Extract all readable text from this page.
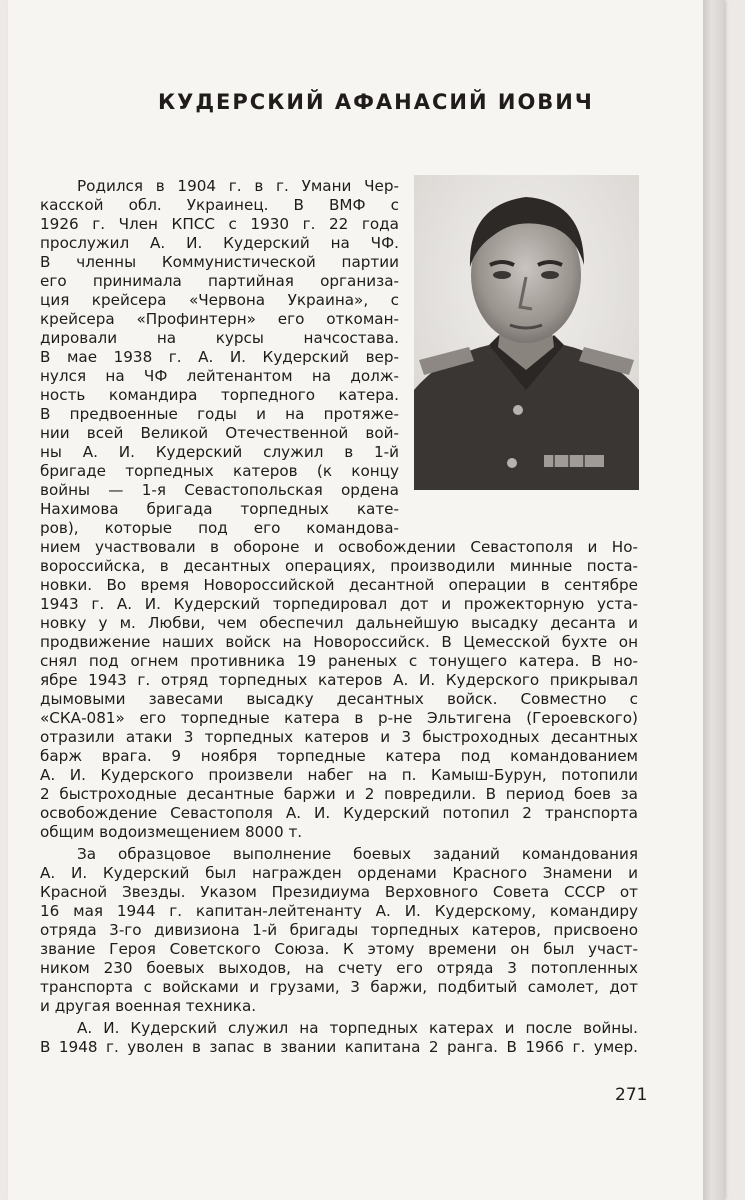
КУДЕРСКИЙ АФАНАСИЙ ИОВИЧ
Родился в 1904 г. в г. Умани Чер-
касской обл. Украинец. В ВМФ с
1926 г. Член КПСС с 1930 г. 22 года
прослужил А. И. Кудерский на ЧФ.
В членны Коммунистической партии
его принимала партийная организа-
ция крейсера «Червона Украина», с
крейсера «Профинтерн» его откоман-
дировали на курсы начсостава.
В мае 1938 г. А. И. Кудерский вер-
нулся на ЧФ лейтенантом на долж-
ность командира торпедного катера.
В предвоенные годы и на протяже-
нии всей Великой Отечественной вой-
ны А. И. Кудерский служил в 1-й
бригаде торпедных катеров (к концу
войны — 1-я Севастопольская ордена
Нахимова бригада торпедных кате-
ров), которые под его командова-
нием участвовали в обороне и освобождении Севастополя и Но-
вороссийска, в десантных операциях, производили минные поста-
новки. Во время Новороссийской десантной операции в сентябре
1943 г. А. И. Кудерский торпедировал дот и прожекторную уста-
новку у м. Любви, чем обеспечил дальнейшую высадку десанта и
продвижение наших войск на Новороссийск. В Цемесской бухте он
снял под огнем противника 19 раненых с тонущего катера. В но-
ябре 1943 г. отряд торпедных катеров А. И. Кудерского прикрывал
дымовыми завесами высадку десантных войск. Совместно с
«СКА-081» его торпедные катера в р-не Эльтигена (Героевского)
отразили атаки 3 торпедных катеров и 3 быстроходных десантных
барж врага. 9 ноября торпедные катера под командованием
А. И. Кудерского произвели набег на п. Камыш-Бурун, потопили
2 быстроходные десантные баржи и 2 повредили. В период боев за
освобождение Севастополя А. И. Кудерский потопил 2 транспорта
общим водоизмещением 8000 т.
За образцовое выполнение боевых заданий командования
А. И. Кудерский был награжден орденами Красного Знамени и
Красной Звезды. Указом Президиума Верховного Совета СССР от
16 мая 1944 г. капитан-лейтенанту А. И. Кудерскому, командиру
отряда 3-го дивизиона 1-й бригады торпедных катеров, присвоено
звание Героя Советского Союза. К этому времени он был участ-
ником 230 боевых выходов, на счету его отряда 3 потопленных
транспорта с войсками и грузами, 3 баржи, подбитый самолет, дот
и другая военная техника.
А. И. Кудерский служил на торпедных катерах и после войны.
В 1948 г. уволен в запас в звании капитана 2 ранга. В 1966 г. умер.
271
